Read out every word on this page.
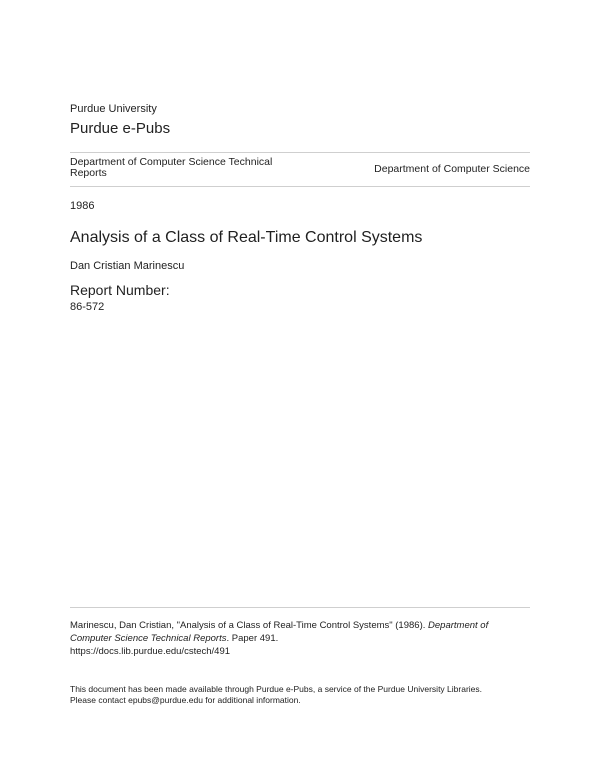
Purdue University
Purdue e-Pubs
Department of Computer Science Technical Reports	Department of Computer Science
1986
Analysis of a Class of Real-Time Control Systems
Dan Cristian Marinescu
Report Number:
86-572
Marinescu, Dan Cristian, "Analysis of a Class of Real-Time Control Systems" (1986). Department of Computer Science Technical Reports. Paper 491.
https://docs.lib.purdue.edu/cstech/491
This document has been made available through Purdue e-Pubs, a service of the Purdue University Libraries.
Please contact epubs@purdue.edu for additional information.
